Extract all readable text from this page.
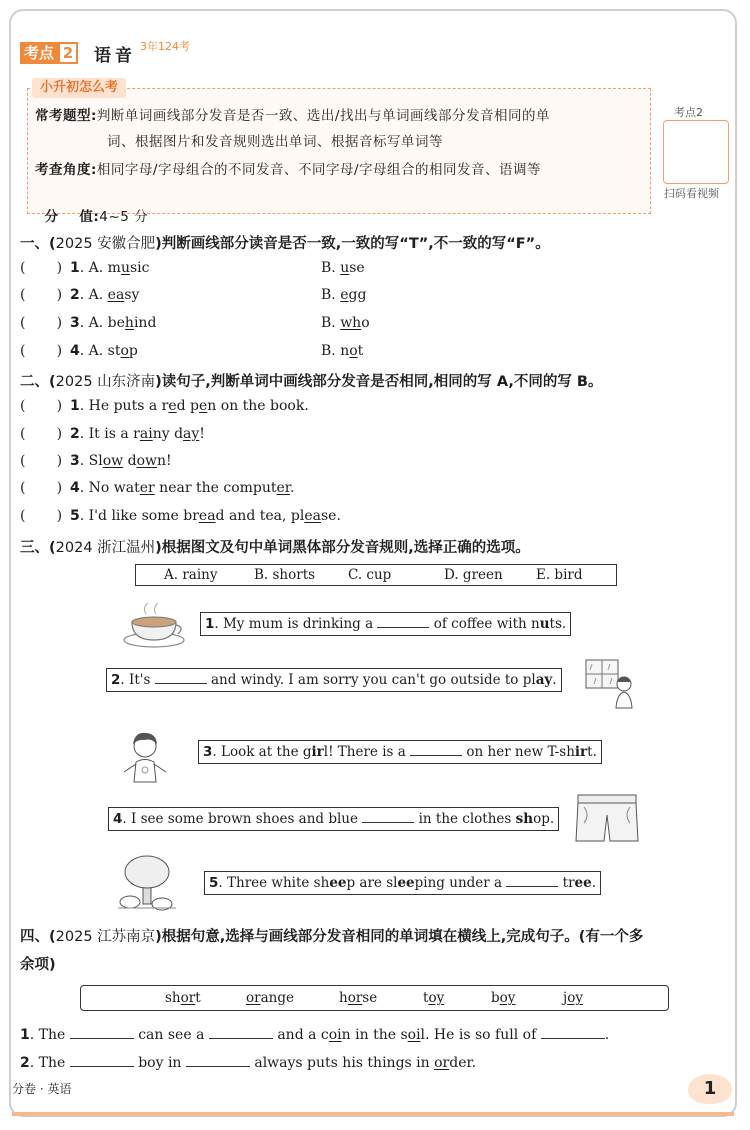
考点 2 语音 3年124考
小升初怎么考
常考题型:判断单词画线部分发音是否一致、选出/找出与单词画线部分发音相同的单
词、根据图片和发音规则选出单词、根据音标写单词等
考查角度:相同字母/字母组合的不同发音、不同字母/字母组合的相同发音、语调等

分    值:4~5 分

考点2
扫码看视频
一、(2025 安徽合肥)判断画线部分读音是否一致,一致的写“T”,不一致的写“F”。
(       ) 1. A. music	B. use
(       ) 2. A. easy	B. egg
(       ) 3. A. behind	B. who
(       ) 4. A. stop	B. not
二、(2025 山东济南)读句子,判断单词中画线部分发音是否相同,相同的写 A,不同的写 B。
(       ) 1. He puts a red pen on the book.
(       ) 2. It is a rainy day!
(       ) 3. Slow down!
(       ) 4. No water near the computer.
(       ) 5. I'd like some bread and tea, please.
三、(2024 浙江温州)根据图文及句中单词黑体部分发音规则,选择正确的选项。
A. rainy	B. shorts C. cup	D. green E. bird
1. My mum is drinking a	of coffee with nuts.
2. It's	and windy. I am sorry you can't go outside to play.
3. Look at the girl! There is a	on her new T-shirt.
4. I see some brown shoes and blue	in the clothes shop.
5. Three white sheep are sleeping under a	tree.
四、(2025 江苏南京)根据句意,选择与画线部分发音相同的单词填在横线上,完成句子。(有一个多
余项)
short	orange	horse	toy	boy	joy
1. The	can see a	and a coin in the soil. He is so full of	.
2. The	boy in	always puts his things in order.
分卷 · 英语	1
